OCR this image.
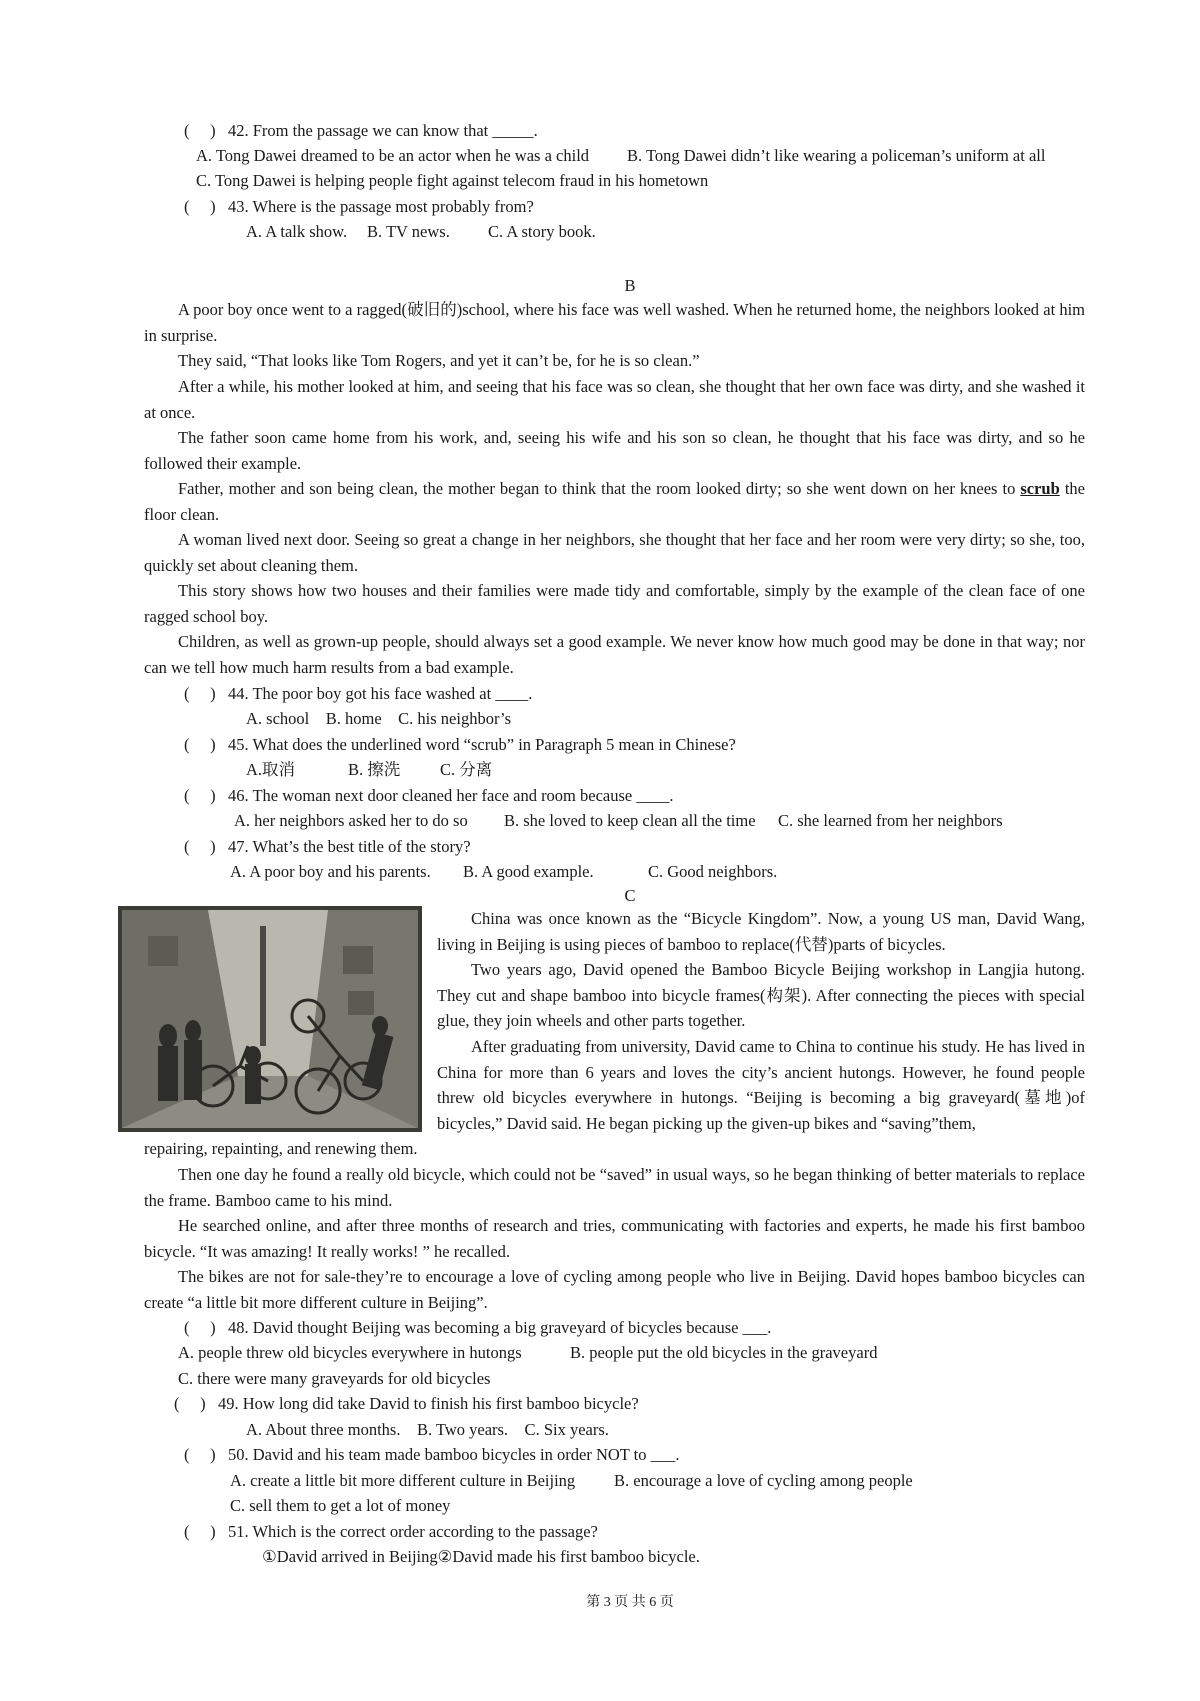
(　 ) 42. From the passage we can know that _____.
A. Tong Dawei dreamed to be an actor when he was a child B. Tong Dawei didn’t like wearing a policeman’s uniform at all
C. Tong Dawei is helping people fight against telecom fraud in his hometown
(　 ) 43. Where is the passage most probably from?
A. A talk show. B. TV news. C. A story book.
B
A poor boy once went to a ragged(破旧的)school, where his face was well washed. When he returned home, the neighbors looked at him in surprise.
They said, “That looks like Tom Rogers, and yet it can’t be, for he is so clean.”
After a while, his mother looked at him, and seeing that his face was so clean, she thought that her own face was dirty, and she washed it at once.
The father soon came home from his work, and, seeing his wife and his son so clean, he thought that his face was dirty, and so he followed their example.
Father, mother and son being clean, the mother began to think that the room looked dirty; so she went down on her knees to scrub the floor clean.
A woman lived next door. Seeing so great a change in her neighbors, she thought that her face and her room were very dirty; so she, too, quickly set about cleaning them.
This story shows how two houses and their families were made tidy and comfortable, simply by the example of the clean face of one ragged school boy.
Children, as well as grown-up people, should always set a good example. We never know how much good may be done in that way; nor can we tell how much harm results from a bad example.
(　 ) 44. The poor boy got his face washed at ____.
A. school    B. home    C. his neighbor’s
(　 ) 45. What does the underlined word “scrub” in Paragraph 5 mean in Chinese?
A.取消	B. 擦洗 C. 分离
(　 ) 46. The woman next door cleaned her face and room because ____.
A. her neighbors asked her to do so B. she loved to keep clean all the time C. she learned from her neighbors
(　 ) 47. What’s the best title of the story?
A. A poor boy and his parents. B. A good example.	C. Good neighbors.
C
China was once known as the “Bicycle Kingdom”. Now, a young US man, David Wang, living in Beijing is using pieces of bamboo to replace(代替)parts of bicycles.
Two years ago, David opened the Bamboo Bicycle Beijing workshop in Langjia hutong. They cut and shape bamboo into bicycle frames(构架). After connecting the pieces with special glue, they join wheels and other parts together.
After graduating from university, David came to China to continue his study. He has lived in China for more than 6 years and loves the city’s ancient hutongs. However, he found people threw old bicycles everywhere in hutongs. “Beijing is becoming a big graveyard(墓地)of bicycles,” David said. He began picking up the given-up bikes and “saving”them,
repairing, repainting, and renewing them.
Then one day he found a really old bicycle, which could not be “saved” in usual ways, so he began thinking of better materials to replace the frame. Bamboo came to his mind.
He searched online, and after three months of research and tries, communicating with factories and experts, he made his first bamboo bicycle. “It was amazing! It really works! ” he recalled.
The bikes are not for sale-they’re to encourage a love of cycling among people who live in Beijing. David hopes bamboo bicycles can create “a little bit more different culture in Beijing”.
(　 ) 48. David thought Beijing was becoming a big graveyard of bicycles because ___.
A. people threw old bicycles everywhere in hutongs	B. people put the old bicycles in the graveyard
C. there were many graveyards for old bicycles
(　 ) 49. How long did take David to finish his first bamboo bicycle?
A. About three months.    B. Two years.    C. Six years.
(　 ) 50. David and his team made bamboo bicycles in order NOT to ___.
A. create a little bit more different culture in Beijing B. encourage a love of cycling among people
C. sell them to get a lot of money
(　 ) 51. Which is the correct order according to the passage?
①David arrived in Beijing②David made his first bamboo bicycle.
第 3 页 共 6 页
